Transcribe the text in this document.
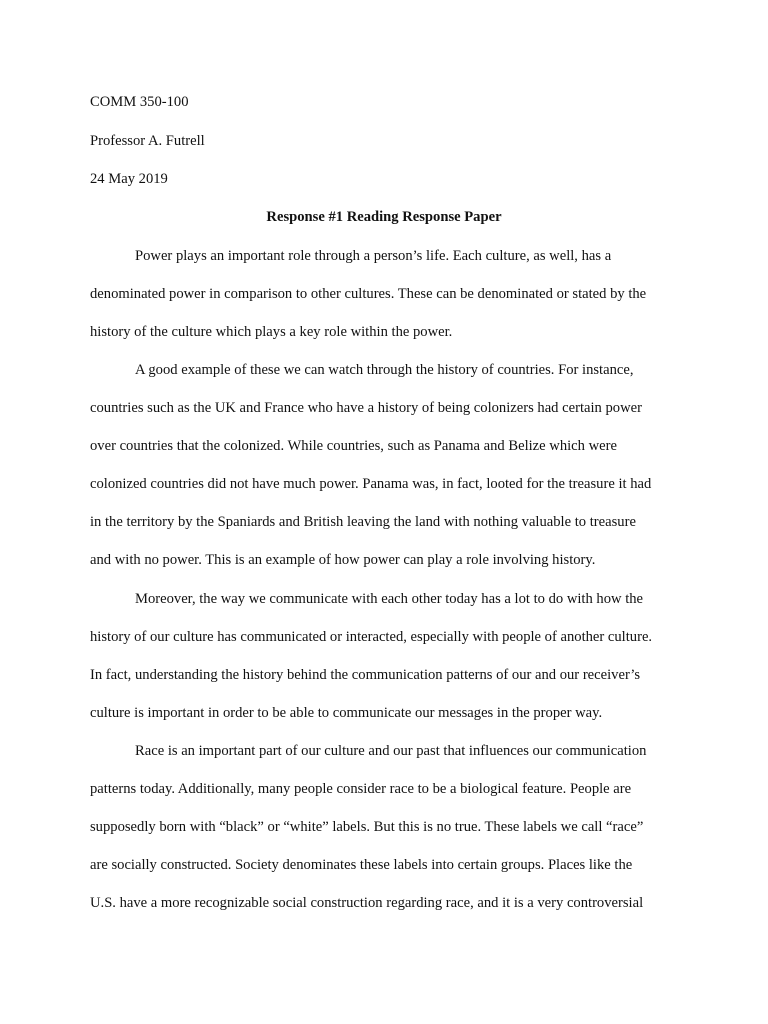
COMM 350-100
Professor A. Futrell
24 May 2019
Response #1 Reading Response Paper
Power plays an important role through a person’s life. Each culture, as well, has a
denominated power in comparison to other cultures. These can be denominated or stated by the
history of the culture which plays a key role within the power.
A good example of these we can watch through the history of countries. For instance,
countries such as the UK and France who have a history of being colonizers had certain power
over countries that the colonized. While countries, such as Panama and Belize which were
colonized countries did not have much power. Panama was, in fact, looted for the treasure it had
in the territory by the Spaniards and British leaving the land with nothing valuable to treasure
and with no power. This is an example of how power can play a role involving history.
Moreover, the way we communicate with each other today has a lot to do with how the
history of our culture has communicated or interacted, especially with people of another culture.
In fact, understanding the history behind the communication patterns of our and our receiver’s
culture is important in order to be able to communicate our messages in the proper way.
Race is an important part of our culture and our past that influences our communication
patterns today. Additionally, many people consider race to be a biological feature. People are
supposedly born with “black” or “white” labels. But this is no true. These labels we call “race”
are socially constructed. Society denominates these labels into certain groups. Places like the
U.S. have a more recognizable social construction regarding race, and it is a very controversial
